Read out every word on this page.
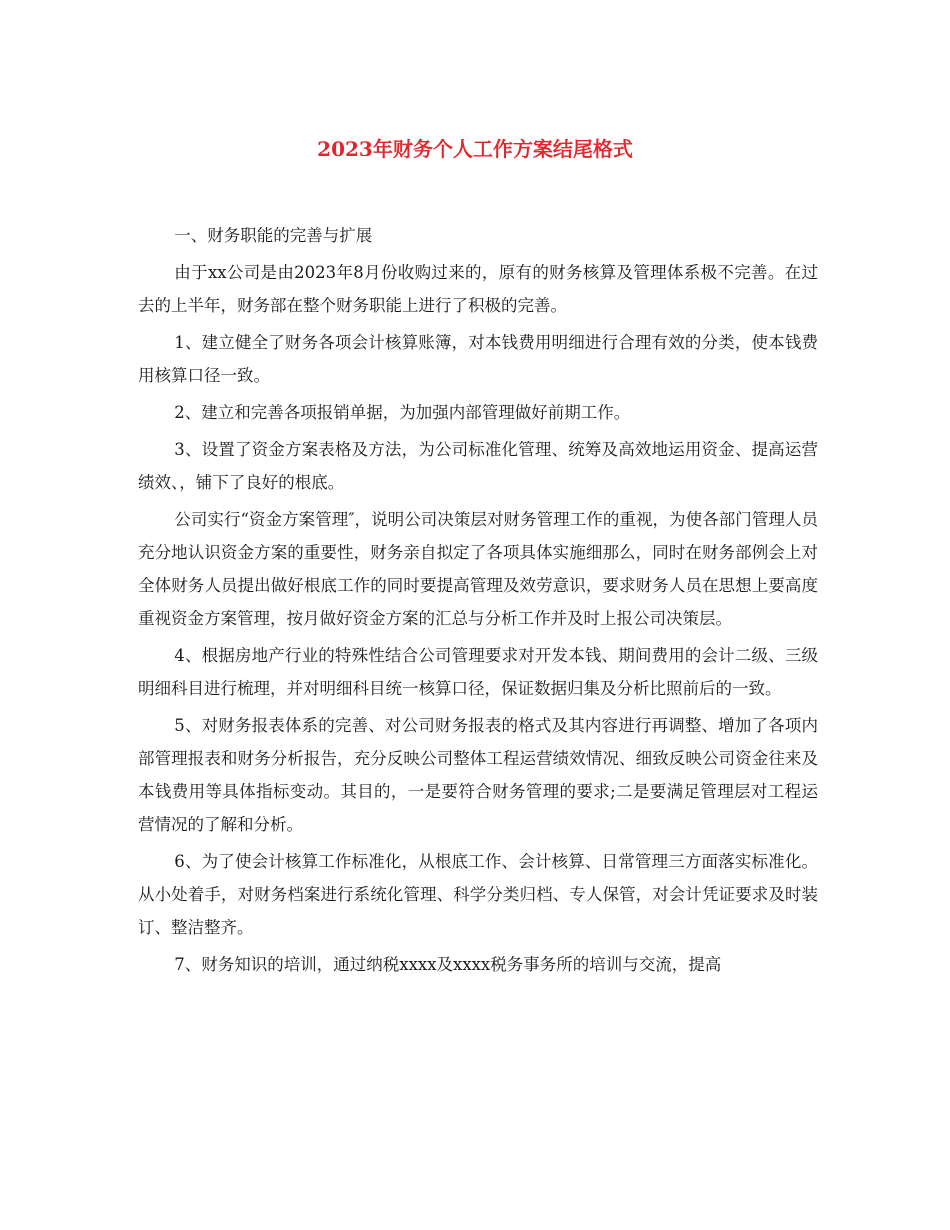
2023年财务个人工作方案结尾格式

一、财务职能的完善与扩展

由于xx公司是由2023年8月份收购过来的，原有的财务核算及管理体系极不完善。在过去的上半年，财务部在整个财务职能上进行了积极的完善。

1、建立健全了财务各项会计核算账簿，对本钱费用明细进行合理有效的分类，使本钱费用核算口径一致。

2、建立和完善各项报销单据，为加强内部管理做好前期工作。

3、设置了资金方案表格及方法，为公司标准化管理、统筹及高效地运用资金、提高运营绩效、，铺下了良好的根底。

公司实行“资金方案管理″，说明公司决策层对财务管理工作的重视，为使各部门管理人员充分地认识资金方案的重要性，财务亲自拟定了各项具体实施细那么，同时在财务部例会上对全体财务人员提出做好根底工作的同时要提高管理及效劳意识，要求财务人员在思想上要高度重视资金方案管理，按月做好资金方案的汇总与分析工作并及时上报公司决策层。

4、根据房地产行业的特殊性结合公司管理要求对开发本钱、期间费用的会计二级、三级明细科目进行梳理，并对明细科目统一核算口径，保证数据归集及分析比照前后的一致。

5、对财务报表体系的完善、对公司财务报表的格式及其内容进行再调整、增加了各项内部管理报表和财务分析报告，充分反映公司整体工程运营绩效情况、细致反映公司资金往来及本钱费用等具体指标变动。其目的，一是要符合财务管理的要求;二是要满足管理层对工程运营情况的了解和分析。

6、为了使会计核算工作标准化，从根底工作、会计核算、日常管理三方面落实标准化。从小处着手，对财务档案进行系统化管理、科学分类归档、专人保管，对会计凭证要求及时装订、整洁整齐。

7、财务知识的培训，通过纳税xxxx及xxxx税务事务所的培训与交流，提高
